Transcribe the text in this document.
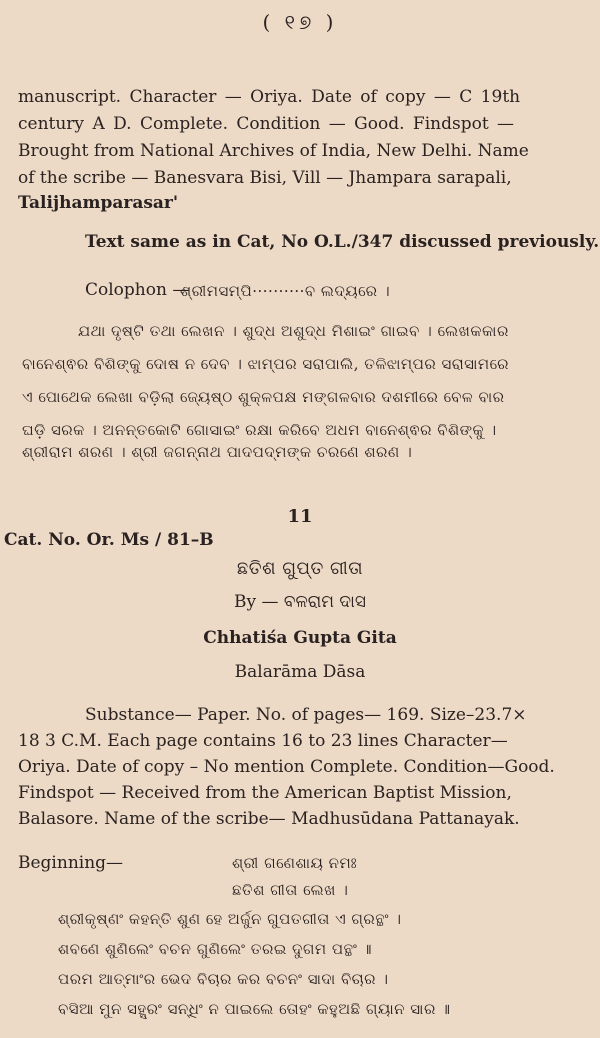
( ୧୭ )
manuscript. Character — Oriya. Date of copy — C 19th
century A D. Complete. Condition — Good. Findspot —
Brought from National Archives of India, New Delhi. Name
of the scribe — Banesvara Bisi, Vill — Jhampara sarapali,
Talijhamparasar'
Text same as in Cat, No O.L./347 discussed previously.
Colophon —
ଶ୍ରୀମସମ୍ପି··········ବ ଲଦ୍ୟରେ ।
ଯଥା ଦୃଷ୍ଟି ତଥା ଲେଖନ । ଶୁଦ୍ଧ ଅଶୁଦ୍ଧ ମିଶାଇଂ ଗାଇବ । ଲେଖକକାର
ବାନେଶ୍ଵର ବିଶିଙ୍କୁ ଦୋଷ ନ ଦେବ । ଝାମ୍ପର ସରାପାଲି, ତଳିଝାମ୍ପର ସରାସାମରେ
ଏ ପୋଥେକ ଲେଖା ବଡ଼ିଲା ଜ୍ୟେଷ୍ଠ ଶୁକ୍ଳପକ୍ଷ ମଙ୍ଗଳବାର ଦଶମୀରେ ବେଳ ବାର
ଘଡ଼ି ସରକ । ଅନନ୍ତକୋଟି ଗୋସାଇଂ ରକ୍ଷା କରିବେ ଅଧମ ବାନେଶ୍ଵର ବିଶିଙ୍କୁ ।
ଶ୍ରୀରାମ ଶରଣ । ଶ୍ରୀ ଜଗନ୍ନାଥ ପାଦପଦ୍ମଙ୍କ ଚରଣେ ଶରଣ ।
11
Cat. No. Or. Ms / 81–B
ଛତିଶ ଗୁପ୍ତ ଗୀତା
By — ବଳରାମ ଦାସ
Chhatiśa Gupta Gita
Balarāma Dāsa
Substance— Paper. No. of pages— 169. Size–23.7×
18 3 C.M. Each page contains 16 to 23 lines Character—
Oriya. Date of copy – No mention Complete. Condition—Good.
Findspot — Received from the American Baptist Mission,
Balasore. Name of the scribe— Madhusūdana Pattanayak.
Beginning—	ଶ୍ରୀ ଗଣେଶାୟ ନମଃ
ଛତିଶ ଗୀତା ଲେଖ ।
ଶ୍ରୀକୃଷ୍ଣଂ କହନ୍ତି ଶୁଣ ହେ ଅର୍ଜୁନ ଗୁପତଗୀତା ଏ ଗ୍ରନ୍ଥଂ ।
ଶବଣେ ଶୁଣିଲେଂ ବଚନ ଗୁଣିଲେଂ ତରଇ ଦୁଗମ ପନ୍ଥଂ ॥
ପରମ ଆତ୍ମାଂର ଭେଦ ବିଚାର କର ବଚନଂ ସାଦା ବିଚାର ।
ବସିଆ ମୁନ ସହ୍ସ୍ରଂ ସନ୍ଧିଂ ନ ପାଇଲେ ତୋହଂ କହୁଅଛି ଗ୍ୟାନ ସାର ॥
